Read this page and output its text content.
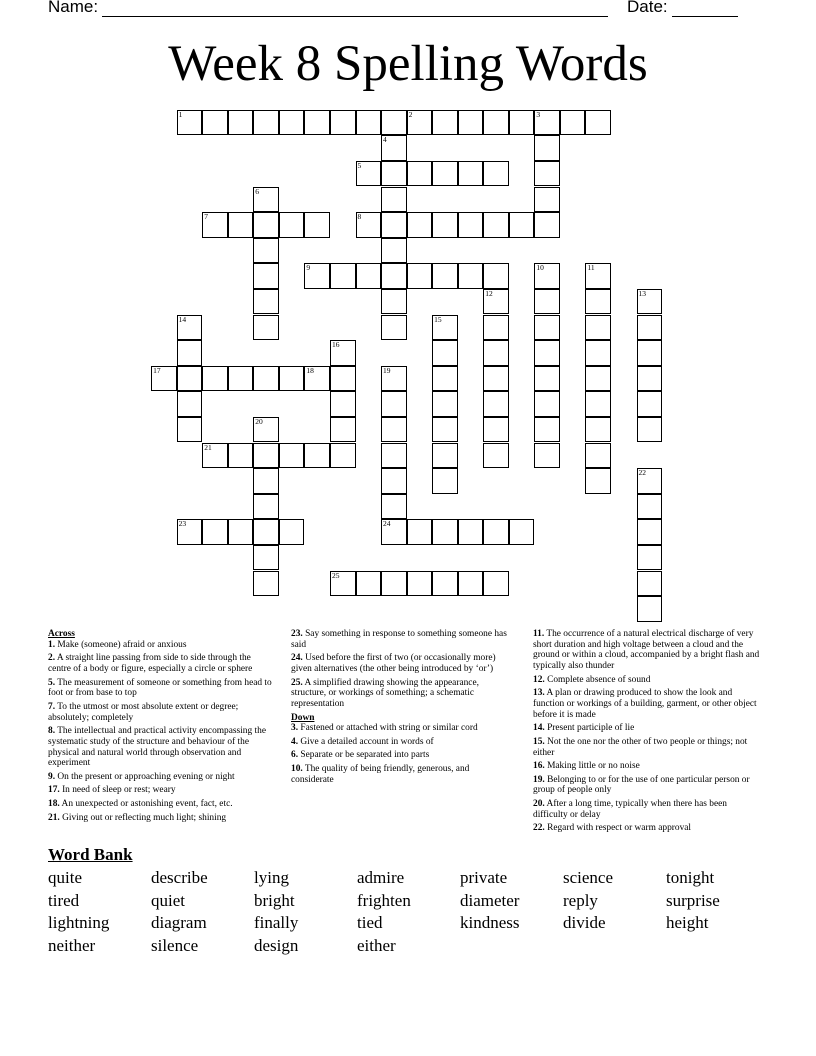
Name:	Date:
Week 8 Spelling Words
1	2	3
4
5
6
7	8
9	10	11
12	13
14	15
16
17	18	19
20
21
22
23	24
25

Across

1. Make (someone) afraid or anxious

2. A straight line passing from side to side through the centre of a body or figure, especially a circle or sphere

5. The measurement of someone or something from head to foot or from base to top

7. To the utmost or most absolute extent or degree; absolutely; completely

8. The intellectual and practical activity encompassing the systematic study of the structure and behaviour of the physical and natural world through observation and experiment

9. On the present or approaching evening or night

17. In need of sleep or rest; weary

18. An unexpected or astonishing event, fact, etc.

21. Giving out or reflecting much light; shining

23. Say something in response to something someone has said

24. Used before the first of two (or occasionally more) given alternatives (the other being introduced by ‘or’)

25. A simplified drawing showing the appearance, structure, or workings of something; a schematic representation

Down

3. Fastened or attached with string or similar cord

4. Give a detailed account in words of

6. Separate or be separated into parts

10. The quality of being friendly, generous, and considerate

11. The occurrence of a natural electrical discharge of very short duration and high voltage between a cloud and the ground or within a cloud, accompanied by a bright flash and typically also thunder

12. Complete absence of sound

13. A plan or drawing produced to show the look and function or workings of a building, garment, or other object before it is made

14. Present participle of lie

15. Not the one nor the other of two people or things; not either

16. Making little or no noise

19. Belonging to or for the use of one particular person or group of people only

20. After a long time, typically when there has been difficulty or delay

22. Regard with respect or warm approval

Word Bank
quite	describe	lying	admire	private	science	tonight
tired	quiet	bright	frighten	diameter	reply	surprise
lightning diagram	finally	tied	kindness	divide	height
neither	silence	design	either
